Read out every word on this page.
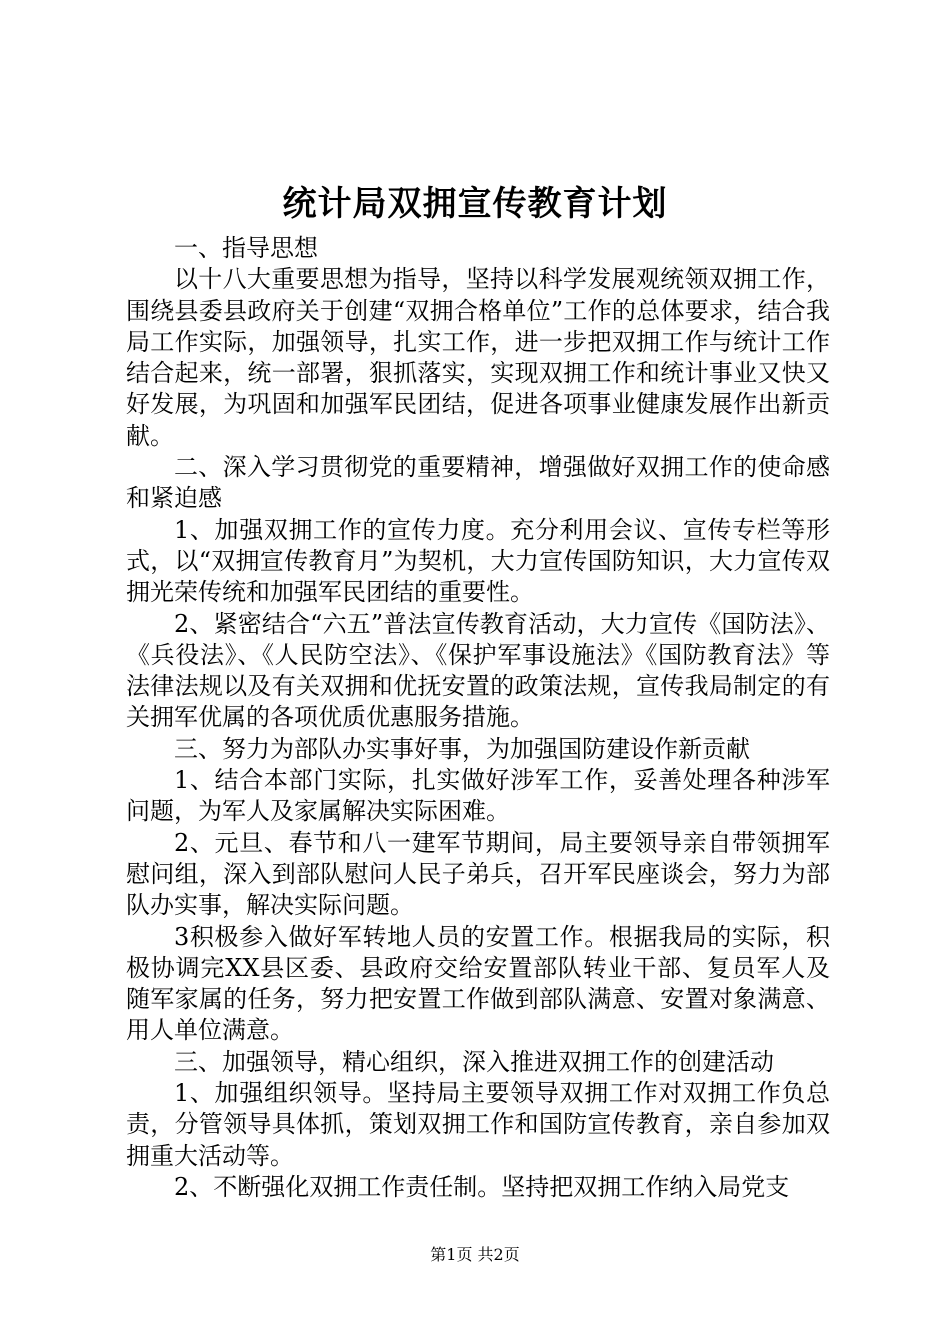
统计局双拥宣传教育计划

一、指导思想

以十八大重要思想为指导，坚持以科学发展观统领双拥工作，围绕县委县政府关于创建“双拥合格单位”工作的总体要求，结合我局工作实际，加强领导，扎实工作，进一步把双拥工作与统计工作结合起来，统一部署，狠抓落实，实现双拥工作和统计事业又快又好发展，为巩固和加强军民团结，促进各项事业健康发展作出新贡献。

二、深入学习贯彻党的重要精神，增强做好双拥工作的使命感和紧迫感

1、加强双拥工作的宣传力度。充分利用会议、宣传专栏等形式，以“双拥宣传教育月”为契机，大力宣传国防知识，大力宣传双拥光荣传统和加强军民团结的重要性。

2、紧密结合“六五”普法宣传教育活动，大力宣传《国防法》、《兵役法》、《人民防空法》、《保护军事设施法》《国防教育法》等法律法规以及有关双拥和优抚安置的政策法规，宣传我局制定的有关拥军优属的各项优质优惠服务措施。

三、努力为部队办实事好事，为加强国防建设作新贡献

1、结合本部门实际，扎实做好涉军工作，妥善处理各种涉军问题，为军人及家属解决实际困难。

2、元旦、春节和八一建军节期间，局主要领导亲自带领拥军慰问组，深入到部队慰问人民子弟兵，召开军民座谈会，努力为部队办实事，解决实际问题。

3积极参入做好军转地人员的安置工作。根据我局的实际，积极协调完XX县区委、县政府交给安置部队转业干部、复员军人及随军家属的任务，努力把安置工作做到部队满意、安置对象满意、用人单位满意。

三、加强领导，精心组织，深入推进双拥工作的创建活动

1、加强组织领导。坚持局主要领导双拥工作对双拥工作负总责，分管领导具体抓，策划双拥工作和国防宣传教育，亲自参加双拥重大活动等。

2、不断强化双拥工作责任制。坚持把双拥工作纳入局党支

第1页 共2页
